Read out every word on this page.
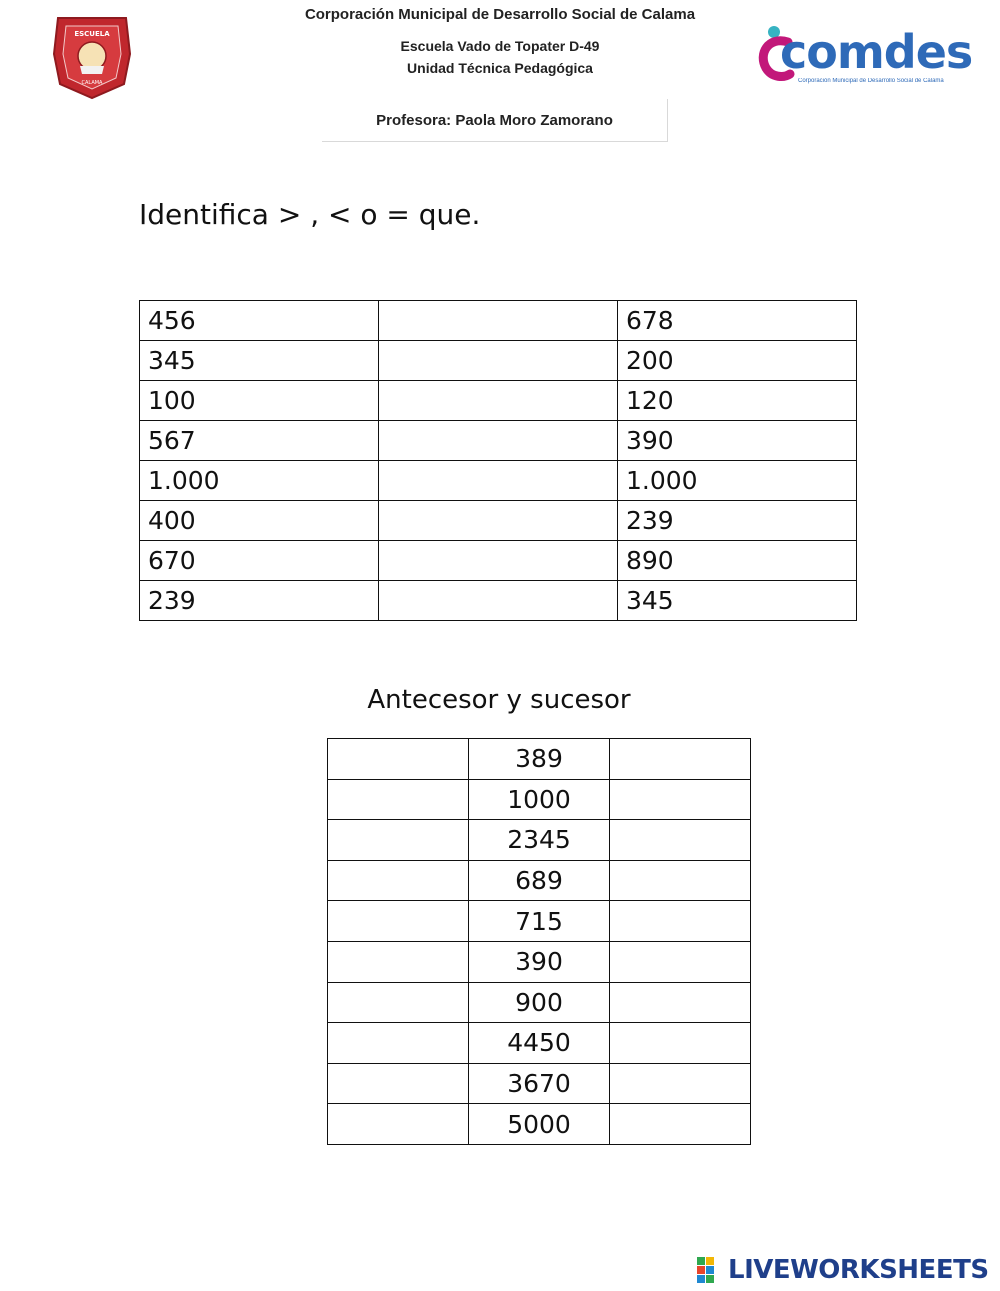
ESCUELA
CALAMA
Corporación Municipal de Desarrollo Social de Calama
Escuela Vado de Topater D-49
Unidad Técnica Pedagógica
Profesora: Paola Moro Zamorano
comdes
Corporación Municipal de Desarrollo Social de Calama
Identifica > , < o = que.
456		678
345		200
100		120
567		390
1.000		1.000
400		239
670		890
239		345
Antecesor y sucesor
	389	
	1000	
	2345	
	689	
	715	
	390	
	900	
	4450	
	3670	
	5000	
LIVEWORKSHEETS
